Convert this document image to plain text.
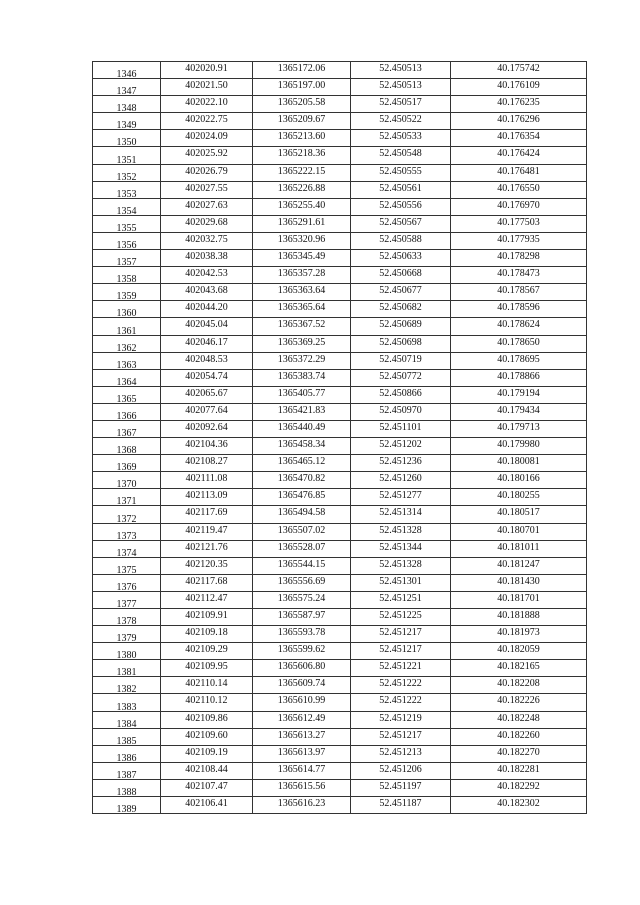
1346	402020.91	1365172.06	52.450513	40.175742
1347	402021.50	1365197.00	52.450513	40.176109
1348	402022.10	1365205.58	52.450517	40.176235
1349	402022.75	1365209.67	52.450522	40.176296
1350	402024.09	1365213.60	52.450533	40.176354
1351	402025.92	1365218.36	52.450548	40.176424
1352	402026.79	1365222.15	52.450555	40.176481
1353	402027.55	1365226.88	52.450561	40.176550
1354	402027.63	1365255.40	52.450556	40.176970
1355	402029.68	1365291.61	52.450567	40.177503
1356	402032.75	1365320.96	52.450588	40.177935
1357	402038.38	1365345.49	52.450633	40.178298
1358	402042.53	1365357.28	52.450668	40.178473
1359	402043.68	1365363.64	52.450677	40.178567
1360	402044.20	1365365.64	52.450682	40.178596
1361	402045.04	1365367.52	52.450689	40.178624
1362	402046.17	1365369.25	52.450698	40.178650
1363	402048.53	1365372.29	52.450719	40.178695
1364	402054.74	1365383.74	52.450772	40.178866
1365	402065.67	1365405.77	52.450866	40.179194
1366	402077.64	1365421.83	52.450970	40.179434
1367	402092.64	1365440.49	52.451101	40.179713
1368	402104.36	1365458.34	52.451202	40.179980
1369	402108.27	1365465.12	52.451236	40.180081
1370	402111.08	1365470.82	52.451260	40.180166
1371	402113.09	1365476.85	52.451277	40.180255
1372	402117.69	1365494.58	52.451314	40.180517
1373	402119.47	1365507.02	52.451328	40.180701
1374	402121.76	1365528.07	52.451344	40.181011
1375	402120.35	1365544.15	52.451328	40.181247
1376	402117.68	1365556.69	52.451301	40.181430
1377	402112.47	1365575.24	52.451251	40.181701
1378	402109.91	1365587.97	52.451225	40.181888
1379	402109.18	1365593.78	52.451217	40.181973
1380	402109.29	1365599.62	52.451217	40.182059
1381	402109.95	1365606.80	52.451221	40.182165
1382	402110.14	1365609.74	52.451222	40.182208
1383	402110.12	1365610.99	52.451222	40.182226
1384	402109.86	1365612.49	52.451219	40.182248
1385	402109.60	1365613.27	52.451217	40.182260
1386	402109.19	1365613.97	52.451213	40.182270
1387	402108.44	1365614.77	52.451206	40.182281
1388	402107.47	1365615.56	52.451197	40.182292
1389	402106.41	1365616.23	52.451187	40.182302
